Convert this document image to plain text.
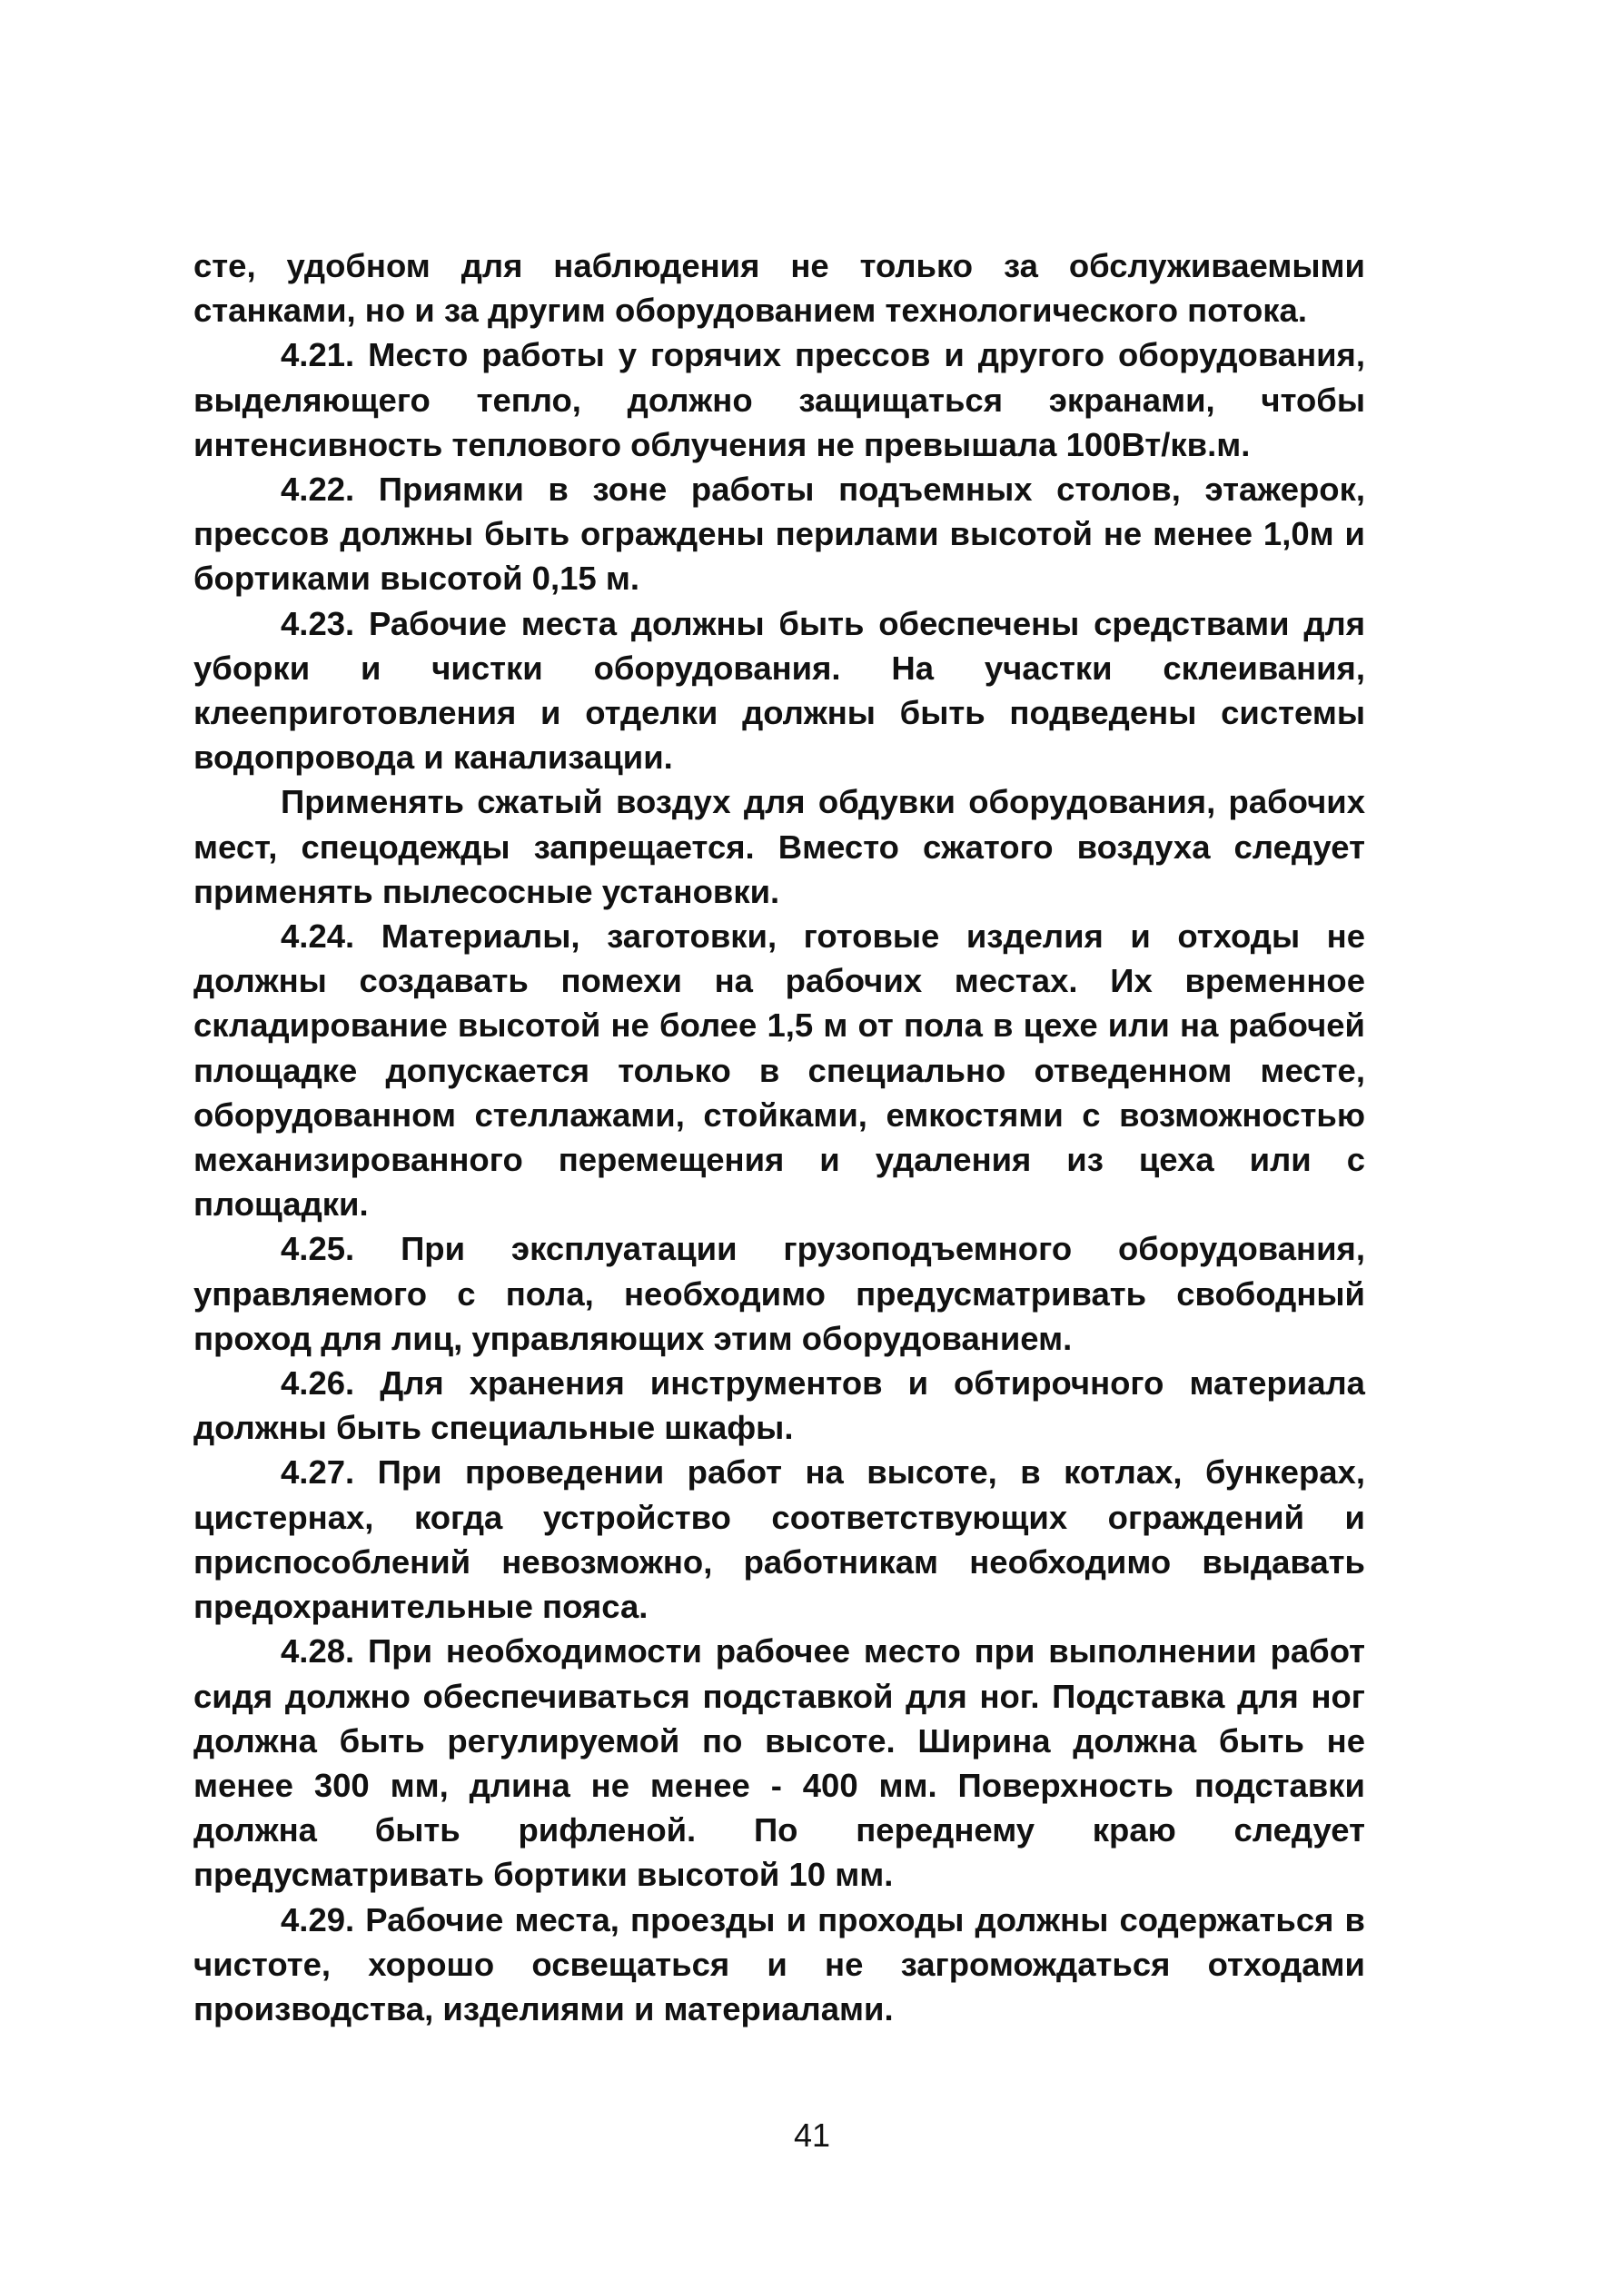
сте, удобном для наблюдения не только за обслуживаемыми станками, но и за другим оборудованием технологического потока.

4.21. Место работы у горячих прессов и другого оборудования, выделяющего тепло, должно защищаться экранами, чтобы интенсивность теплового облучения не превышала 100Вт/кв.м.

4.22. Приямки в зоне работы подъемных столов, этажерок, прессов должны быть ограждены перилами высотой не менее 1,0м и бортиками высотой 0,15 м.

4.23. Рабочие места должны быть обеспечены средствами для уборки и чистки оборудования. На участки склеивания, клееприготовления и отделки должны быть подведены системы водопровода и канализации.

Применять сжатый воздух для обдувки оборудования, рабочих мест, спецодежды запрещается. Вместо сжатого воздуха следует применять пылесосные установки.

4.24. Материалы, заготовки, готовые изделия и отходы не должны создавать помехи на рабочих местах. Их временное складирование высотой не более 1,5 м от пола в цехе или на рабочей площадке допускается только в специально отведенном месте, оборудованном стеллажами, стойками, емкостями с возможностью механизированного перемещения и удаления из цеха или с площадки.

4.25. При эксплуатации грузоподъемного оборудования, управляемого с пола, необходимо предусматривать свободный проход для лиц, управляющих этим оборудованием.

4.26. Для хранения инструментов и обтирочного материала должны быть специальные шкафы.

4.27. При проведении работ на высоте, в котлах, бункерах, цистернах, когда устройство соответствующих ограждений и приспособлений невозможно, работникам необходимо выдавать предохранительные пояса.

4.28. При необходимости рабочее место при выполнении работ сидя должно обеспечиваться подставкой для ног. Подставка для ног должна быть регулируемой по высоте. Ширина должна быть не менее 300 мм, длина не менее - 400 мм. Поверхность подставки должна быть рифленой. По переднему краю следует предусматривать бортики высотой 10 мм.

4.29. Рабочие места, проезды и проходы должны содержаться в чистоте, хорошо освещаться и не загромождаться отходами производства, изделиями и материалами.

41
